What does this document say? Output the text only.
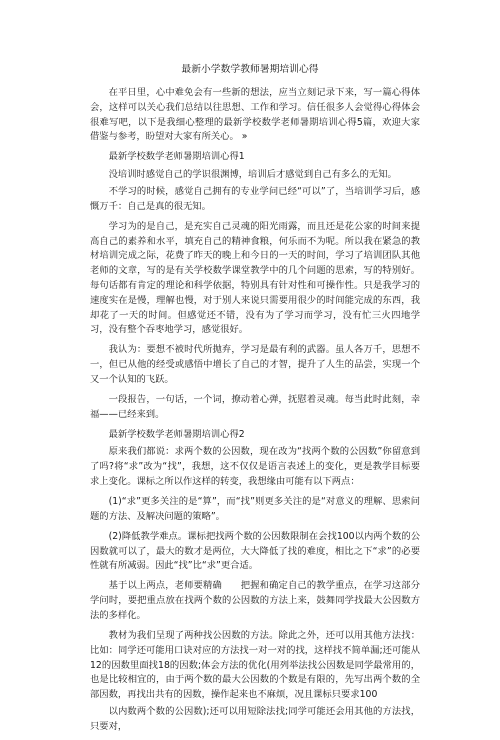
最新小学数学教师暑期培训心得

在平日里，心中难免会有一些新的想法，应当立刻记录下来，写一篇心得体会，这样可以关心我们总结以往思想、工作和学习。信任很多人会觉得心得体会很难写吧，以下是我细心整理的最新学校数学老师暑期培训心得5篇，欢迎大家借鉴与参考，盼望对大家有所关心。 »

最新学校数学老师暑期培训心得1

没培训时感觉自己的学识很渊博，培训后才感觉到自己有多么的无知。

不学习的时候，感觉自己拥有的专业学问已经“可以”了，当培训学习后，感慨万千：自己是真的很无知。

学习为的是自己，是充实自己灵魂的阳光雨露，而且还是花公家的时间来提高自己的素养和水平，填充自己的精神食粮，何乐而不为呢。所以我在紧急的教材培训完成之际，花费了昨天的晚上和今日的一天的时间，学习了培训团队其他老师的文章，写的是有关学校数学课堂教学中的几个问题的思索，写的特别好。每句话都有肯定的理论和科学依据，特别具有针对性和可操作性。只是我学习的速度实在是慢，理解也慢，对于别人来说只需要用很少的时间能完成的东西，我却花了一天的时间。但感觉还不错，没有为了学习而学习，没有忙三火四地学习，没有整个吞枣地学习，感觉很好。

我认为：要想不被时代所抛弃，学习是最有利的武器。虽人各万千，思想不一，但已从他的经受或感悟中增长了自己的才智，提升了人生的品尝，实现一个又一个认知的飞跃。

一段报告，一句话，一个词，撩动着心弹，抚慰着灵魂。每当此时此刻，幸福——已经来到。

最新学校数学老师暑期培训心得2

原来我们都说：求两个数的公因数，现在改为“找两个数的公因数”你留意到了吗?将“求”改为“找”，我想，这不仅仅是语言表述上的变化，更是教学目标要求上变化。课标之所以作这样的转变，我想缘由可能有以下两点：

(1)“求”更多关注的是“算”，而“找”则更多关注的是“对意义的理解、思索问题的方法、及解决问题的策略”。

(2)降低教学难点。课标把找两个数的公因数限制在会找100以内两个数的公因数就可以了，最大的数才是两位，大大降低了找的难度，相比之下“求”的必要性就有所减弱。因此“找”比“求”更合适。

基于以上两点，老师要精确　　把握和确定自己的教学重点，在学习这部分学问时，要把重点放在找两个数的公因数的方法上来，鼓舞同学找最大公因数方法的多样化。

教材为我们呈现了两种找公因数的方法。除此之外，还可以用其他方法找：比如：同学还可能用口诀对应的方法找一对一对的找，这样找不简单漏;还可能从12的因数里面找18的因数;体会方法的优化(用列举法找公因数是同学最常用的，也是比较相宜的，由于两个数的最大公因数的个数是有限的，先写出两个数的全部因数，再找出共有的因数，操作起来也不麻烦，况且课标只要求100

以内数两个数的公因数);还可以用短除法找;同学可能还会用其他的方法找，只要对，
